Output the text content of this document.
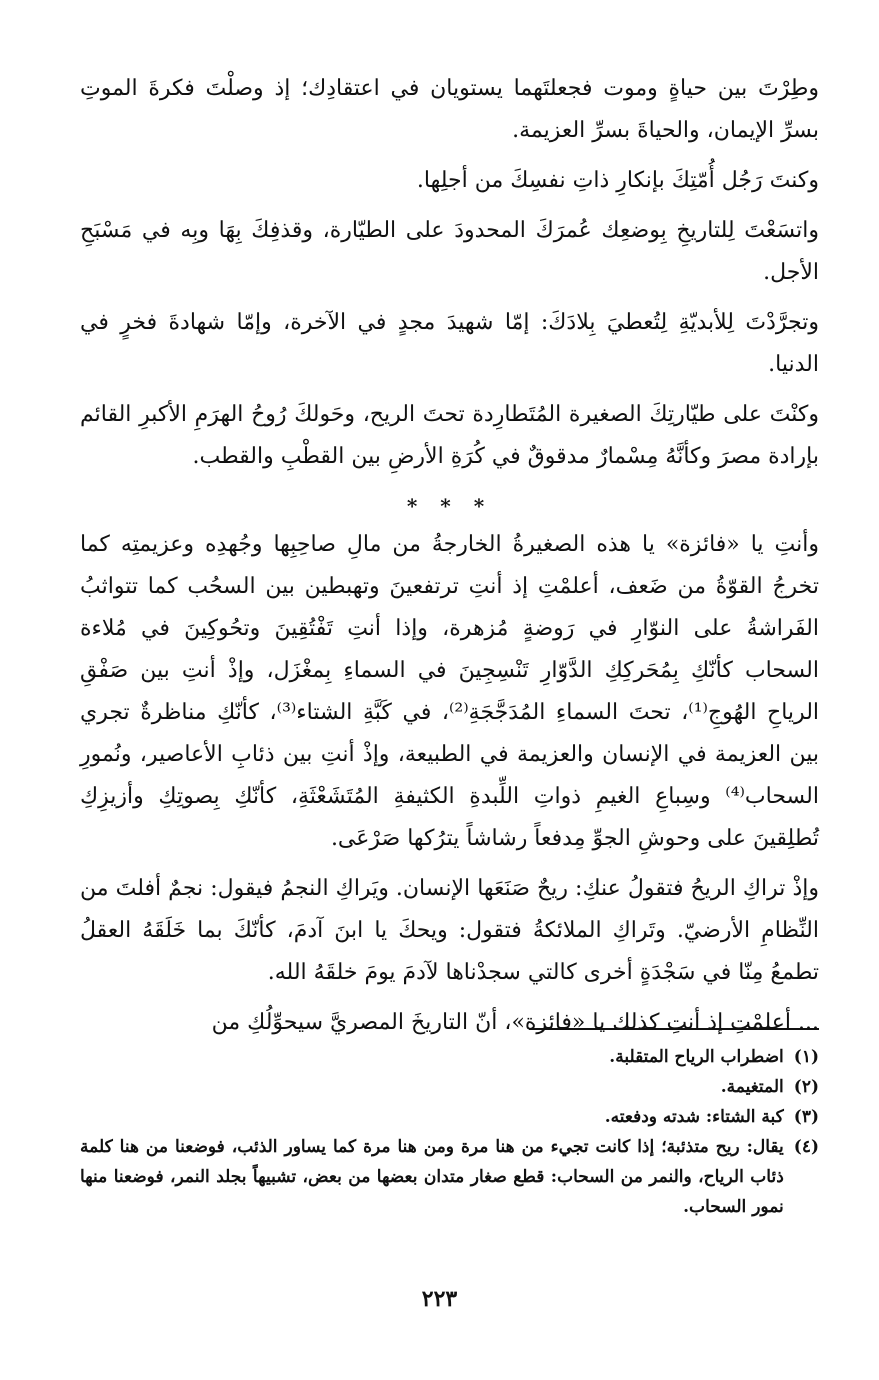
وطِرْتَ بين حياةٍ وموت فجعلتَهما يستويان في اعتقادِك؛ إذ وصلْتَ فكرةَ الموتِ بسرِّ الإيمان، والحياةَ بسرِّ العزيمة.

وكنتَ رَجُل أُمّتِكَ بإنكارِ ذاتِ نفسِكَ من أجلِها.

واتسَعْتَ لِلتاريخِ بِوضعِك عُمرَكَ المحدودَ على الطيّارة، وقذفِكَ بِهَا وبِه في مَسْبَحِ الأجل.

وتجرَّدْتَ لِلأبديّةِ لِتُعطيَ بِلادَكَ: إمّا شهيدَ مجدٍ في الآخرة، وإمّا شهادةَ فخرٍ في الدنيا.

وكنْتَ على طيّارتِكَ الصغيرة المُتَطارِدة تحتَ الريح، وحَولكَ رُوحُ الهرَمِ الأكبرِ القائم بإرادة مصرَ وكأنَّهُ مِسْمارٌ مدقوقٌ في كُرَةِ الأرضِ بين القطْبِ والقطب.

* * *

وأنتِ يا «فائزة» يا هذه الصغيرةُ الخارجةُ من مالِ صاحِبِها وجُهدِه وعزيمتِه كما تخرجُ القوّةُ من ضَعف، أعلمْتِ إذ أنتِ ترتفعينَ وتهبطين بين السحُب كما تتواثبُ الفَراشةُ على النوّارِ في رَوضةٍ مُزهرة، وإذا أنتِ تَفْتُقِينَ وتحُوكِينَ في مُلاءة السحاب كأنّكِ بِمُحَركِكِ الدَّوّارِ تَنْسِجِينَ في السماءِ بِمغْزَل، وإذْ أنتِ بين صَفْقِ الرياحِ الهُوجِ⁽¹⁾، تحتَ السماءِ المُدَجَّجَةِ⁽²⁾، في كَبَّةِ الشتاء⁽³⁾، كأنّكِ مناظرةٌ تجري بين العزيمة في الإنسان والعزيمة في الطبيعة، وإذْ أنتِ بين ذئابِ الأعاصير، ونُمورِ السحاب⁽⁴⁾ وسِباعِ الغيمِ ذواتِ اللِّبدةِ الكثيفةِ المُتَشَعْثَةِ، كأنّكِ بِصوتِكِ وأزيزِكِ تُطلِقينَ على وحوشِ الجوِّ مِدفعاً رشاشاً يترُكها صَرْعَى.

وإذْ تراكِ الريحُ فتقولُ عنكِ: ريحٌ صَنَعَها الإنسان. ويَراكِ النجمُ فيقول: نجمٌ أفلتَ من النِّظامِ الأرضيّ. وتَراكِ الملائكةُ فتقول: ويحكَ يا ابنَ آدمَ، كأنّكَ بما خَلَقَهُ العقلُ تطمعُ مِنّا في سَجْدَةٍ أخرى كالتي سجدْناها لآدمَ يومَ خلقَهُ الله.

... أعلمْتِ إذ أنتِ كذلك يا «فائزة»، أنّ التاريخَ المصريَّ سيحوِّلُكِ من

(١)
اضطراب الرياح المتقلبة.
(٢)
المتغيمة.
(٣)
كبة الشتاء: شدته ودفعته.
(٤)
يقال: ريح متذئبة؛ إذا كانت تجيء من هنا مرة ومن هنا مرة كما يساور الذئب، فوضعنا من هنا كلمة ذئاب الرياح، والنمر من السحاب: قطع صغار متدان بعضها من بعض، تشبيهاً بجلد النمر، فوضعنا منها نمور السحاب.
٢٢٣
